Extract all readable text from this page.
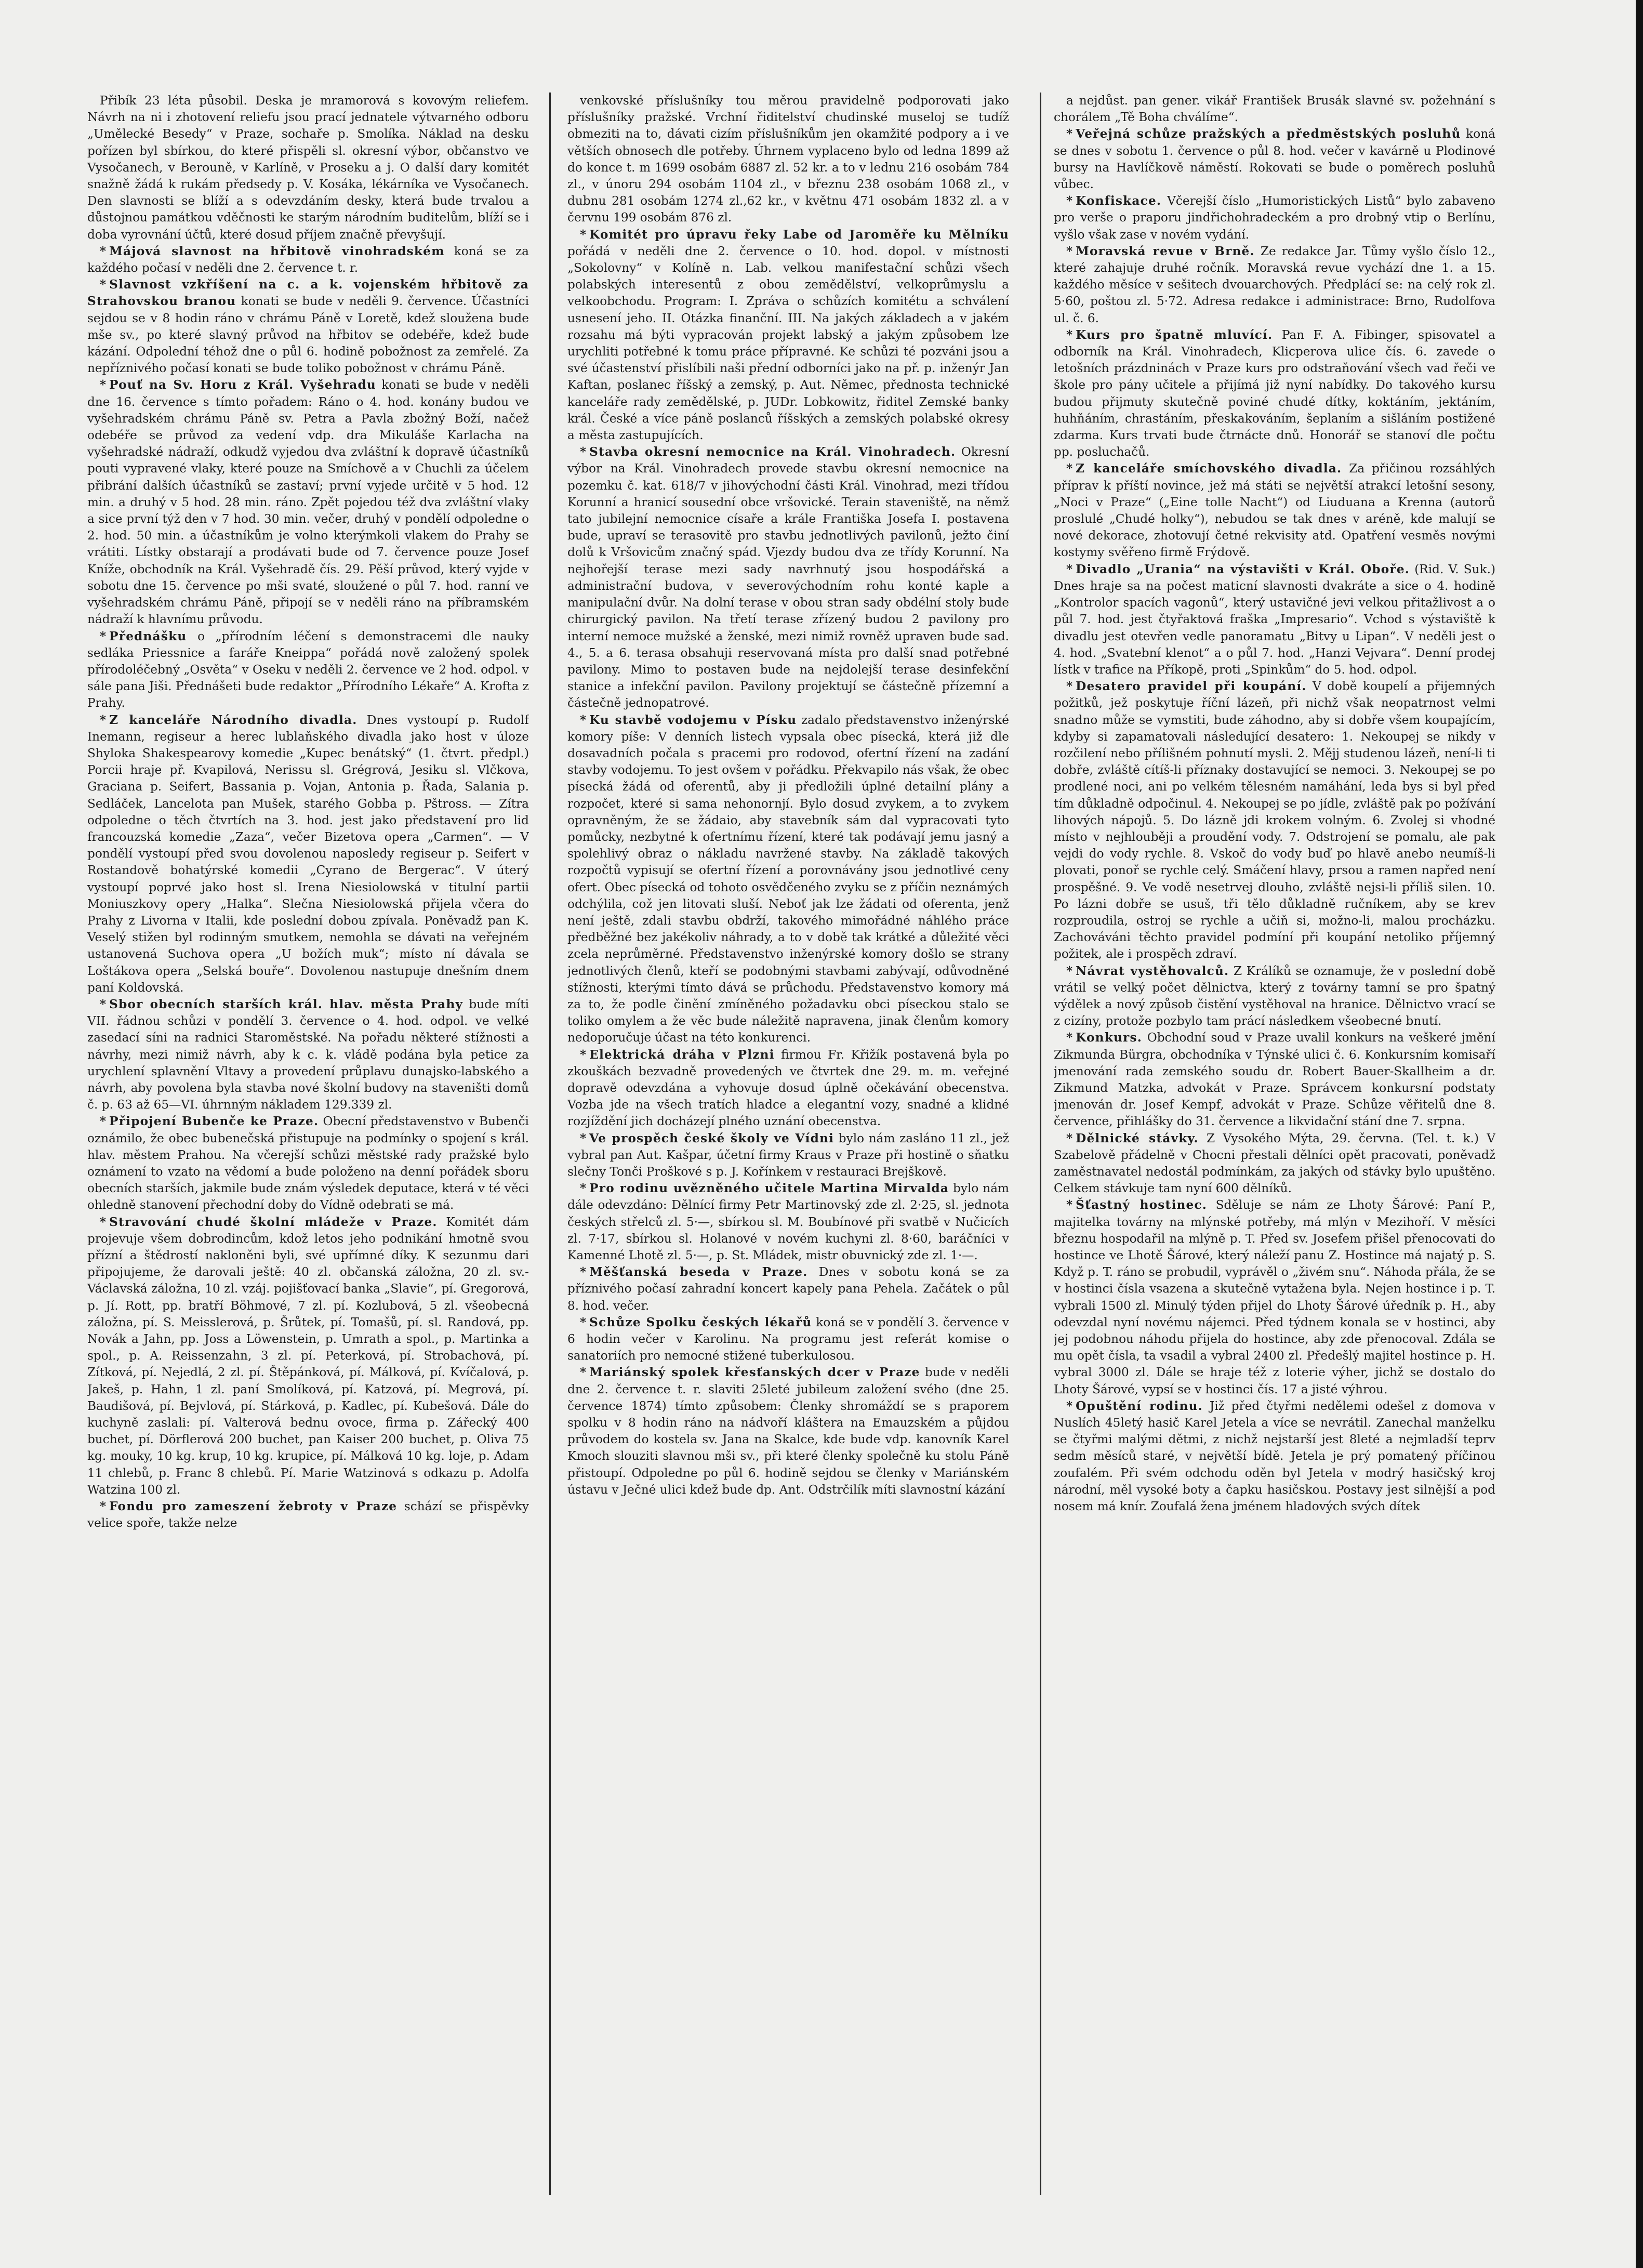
Přibík 23 léta působil. Deska je mramorová s kovovým reliefem. Návrh na ni i zhotovení reliefu jsou prací jednatele výtvarného odboru „Umělecké Besedy“ v Praze, sochaře p. Smolíka. Náklad na desku pořízen byl sbírkou, do které přispěli sl. okresní výbor, občanstvo ve Vysočanech, v Berouně, v Karlíně, v Proseku a j. O další dary komitét snažně žádá k rukám předsedy p. V. Kosáka, lékárníka ve Vysočanech. Den slavnosti se blíží a s odevzdáním desky, která bude trvalou a důstojnou památkou vděčnosti ke starým národním buditelům, blíží se i doba vyrovnání účtů, které dosud příjem značně převyšují.

* Májová slavnost na hřbitově vinohradském koná se za každého počasí v neděli dne 2. července t. r.

* Slavnost vzkříšení na c. a k. vojenském hřbitově za Strahovskou branou konati se bude v neděli 9. července. Účastníci sejdou se v 8 hodin ráno v chrámu Páně v Loretě, kdež sloužena bude mše sv., po které slavný průvod na hřbitov se odebéře, kdež bude kázání. Odpolední téhož dne o půl 6. hodině pobožnost za zemřelé. Za nepříznivého počasí konati se bude toliko pobožnost v chrámu Páně.

* Pouť na Sv. Horu z Král. Vyšehradu konati se bude v neděli dne 16. července s tímto pořadem: Ráno o 4. hod. konány budou ve vyšehradském chrámu Páně sv. Petra a Pavla zbožný Boží, načež odebéře se průvod za vedení vdp. dra Mikuláše Karlacha na vyšehradské nádraží, odkudž vyjedou dva zvláštní k dopravě účastníků pouti vypravené vlaky, které pouze na Smíchově a v Chuchli za účelem přibrání dalších účastníků se zastaví; první vyjede určitě v 5 hod. 12 min. a druhý v 5 hod. 28 min. ráno. Zpět pojedou též dva zvláštní vlaky a sice první týž den v 7 hod. 30 min. večer, druhý v pondělí odpoledne o 2. hod. 50 min. a účastníkům je volno kterýmkoli vlakem do Prahy se vrátiti. Lístky obstarají a prodávati bude od 7. července pouze Josef Kníže, obchodník na Král. Vyšehradě čís. 29. Pěší průvod, který vyjde v sobotu dne 15. července po mši svaté, sloužené o půl 7. hod. ranní ve vyšehradském chrámu Páně, připojí se v neděli ráno na příbramském nádraží k hlavnímu průvodu.

* Přednášku o „přírodním léčení s demonstracemi dle nauky sedláka Priessnice a faráře Kneippa“ pořádá nově založený spolek přírodoléčebný „Osvěta“ v Oseku v neděli 2. července ve 2 hod. odpol. v sále pana Jiši. Přednášeti bude redaktor „Přírodního Lékaře“ A. Krofta z Prahy.

* Z kanceláře Národního divadla. Dnes vystoupí p. Rudolf Inemann, regiseur a herec lublaňského divadla jako host v úloze Shyloka Shakespearovy komedie „Kupec benátský“ (1. čtvrt. předpl.) Porcii hraje př. Kvapilová, Nerissu sl. Grégrová, Jesiku sl. Vlčkova, Graciana p. Seifert, Bassania p. Vojan, Antonia p. Řada, Salania p. Sedláček, Lancelota pan Mušek, starého Gobba p. Pštross. — Zítra odpoledne o těch čtvrtích na 3. hod. jest jako představení pro lid francouzská komedie „Zaza“, večer Bizetova opera „Carmen“. — V pondělí vystoupí před svou dovolenou naposledy regiseur p. Seifert v Rostandově bohatýrské komedii „Cyrano de Bergerac“. V úterý vystoupí poprvé jako host sl. Irena Niesiolowská v titulní partii Moniuszkovy opery „Halka“. Slečna Niesiolowská přijela včera do Prahy z Livorna v Italii, kde poslední dobou zpívala. Poněvadž pan K. Veselý stižen byl rodinným smutkem, nemohla se dávati na veřejném ustanovená Suchova opera „U božích muk“; místo ní dávala se Loštákova opera „Selská bouře“. Dovolenou nastupuje dnešním dnem paní Koldovská.

* Sbor obecních starších král. hlav. města Prahy bude míti VII. řádnou schůzi v pondělí 3. července o 4. hod. odpol. ve velké zasedací síni na radnici Staroměstské. Na pořadu některé stížnosti a návrhy, mezi nimiž návrh, aby k c. k. vládě podána byla petice za urychlení splavnění Vltavy a provedení průplavu dunajsko-labského a návrh, aby povolena byla stavba nové školní budovy na staveništi domů č. p. 63 až 65—VI. úhrnným nákladem 129.339 zl.

* Připojení Bubenče ke Praze. Obecní představenstvo v Bubenči oznámilo, že obec bubenečská přistupuje na podmínky o spojení s král. hlav. městem Prahou. Na včerejší schůzi městské rady pražské bylo oznámení to vzato na vědomí a bude položeno na denní pořádek sboru obecních starších, jakmile bude znám výsledek deputace, která v té věci ohledně stanovení přechodní doby do Vídně odebrati se má.

* Stravování chudé školní mládeže v Praze. Komitét dám projevuje všem dobrodincům, kdož letos jeho podnikání hmotně svou přízní a štědrostí nakloněni byli, své upřímné díky. K sezunmu dari připojujeme, že darovali ještě: 40 zl. občanská záložna, 20 zl. sv.-Václavská záložna, 10 zl. vzáj. pojišťovací banka „Slavie“, pí. Gregorová, p. Jí. Rott, pp. bratří Böhmové, 7 zl. pí. Kozlubová, 5 zl. všeobecná záložna, pí. S. Meisslerová, p. Šrůtek, pí. Tomašů, pí. sl. Randová, pp. Novák a Jahn, pp. Joss a Löwenstein, p. Umrath a spol., p. Martinka a spol., p. A. Reissenzahn, 3 zl. pí. Peterková, pí. Strobachová, pí. Zítková, pí. Nejedlá, 2 zl. pí. Štěpánková, pí. Málková, pí. Kvíčalová, p. Jakeš, p. Hahn, 1 zl. paní Smolíková, pí. Katzová, pí. Megrová, pí. Baudišová, pí. Bejvlová, pí. Stárková, p. Kadlec, pí. Kubešová. Dále do kuchyně zaslali: pí. Valterová bednu ovoce, firma p. Zářecký 400 buchet, pí. Dörflerová 200 buchet, pan Kaiser 200 buchet, p. Oliva 75 kg. mouky, 10 kg. krup, 10 kg. krupice, pí. Málková 10 kg. loje, p. Adam 11 chlebů, p. Franc 8 chlebů. Pí. Marie Watzinová s odkazu p. Adolfa Watzina 100 zl.

* Fondu pro zameszení žebroty v Praze schází se přispěvky velice spoře, takže nelze

venkovské příslušníky tou měrou pravidelně podporovati jako příslušníky pražské. Vrchní řiditelství chudinské museloj se tudíž obmeziti na to, dávati cizím příslušníkům jen okamžité podpory a i ve větších obnosech dle potřeby. Úhrnem vyplaceno bylo od ledna 1899 až do konce t. m 1699 osobám 6887 zl. 52 kr. a to v lednu 216 osobám 784 zl., v únoru 294 osobám 1104 zl., v březnu 238 osobám 1068 zl., v dubnu 281 osobám 1274 zl.,62 kr., v květnu 471 osobám 1832 zl. a v červnu 199 osobám 876 zl.

* Komitét pro úpravu řeky Labe od Jaroměře ku Mělníku pořádá v neděli dne 2. července o 10. hod. dopol. v místnosti „Sokolovny“ v Kolíně n. Lab. velkou manifestační schůzi všech polabských interesentů z obou zemědělství, velkoprůmyslu a velkoobchodu. Program: I. Zpráva o schůzích komitétu a schválení usnesení jeho. II. Otázka finanční. III. Na jakých základech a v jakém rozsahu má býti vypracován projekt labský a jakým způsobem lze urychliti potřebné k tomu práce přípravné. Ke schůzi té pozváni jsou a své účastenství přislíbili naši přední odborníci jako na př. p. inženýr Jan Kaftan, poslanec říšský a zemský, p. Aut. Němec, přednosta technické kanceláře rady zemědělské, p. JUDr. Lobkowitz, řiditel Zemské banky král. České a více páně poslanců říšských a zemských polabské okresy a města zastupujících.

* Stavba okresní nemocnice na Král. Vinohradech. Okresní výbor na Král. Vinohradech provede stavbu okresní nemocnice na pozemku č. kat. 618/7 v jihovýchodní části Král. Vinohrad, mezi třídou Korunní a hranicí sousední obce vršovické. Terain staveniště, na němž tato jubilejní nemocnice císaře a krále Františka Josefa I. postavena bude, upraví se terasovitě pro stavbu jednotlivých pavilonů, ježto činí dolů k Vršovicům značný spád. Vjezdy budou dva ze třídy Korunní. Na nejhořejší terase mezi sady navrhnutý jsou hospodářská a administrační budova, v severovýchodním rohu konté kaple a manipulační dvůr. Na dolní terase v obou stran sady obdélní stoly bude chirurgický pavilon. Na třetí terase zřízený budou 2 pavilony pro interní nemoce mužské a ženské, mezi nimiž rovněž upraven bude sad. 4., 5. a 6. terasa obsahuji reservovaná místa pro další snad potřebné pavilony. Mimo to postaven bude na nejdolejší terase desinfekční stanice a infekční pavilon. Pavilony projektují se částečně přízemní a částečně jednopatrové.

* Ku stavbě vodojemu v Písku zadalo představenstvo inženýrské komory píše: V denních listech vypsala obec písecká, která již dle dosavadních počala s pracemi pro rodovod, ofertní řízení na zadání stavby vodojemu. To jest ovšem v pořádku. Překvapilo nás však, že obec písecká žádá od oferentů, aby ji předložili úplné detailní plány a rozpočet, které si sama nehonornjí. Bylo dosud zvykem, a to zvykem opravněným, že se žádaio, aby stavebník sám dal vypracovati tyto pomůcky, nezbytné k ofertnímu řízení, které tak podávají jemu jasný a spolehlivý obraz o nákladu navržené stavby. Na základě takových rozpočtů vypisují se ofertní řízení a porovnávány jsou jednotlivé ceny ofert. Obec písecká od tohoto osvědčeného zvyku se z příčin neznámých odchýlila, což jen litovati sluší. Neboť jak lze žádati od oferenta, jenž není ještě, zdali stavbu obdrží, takového mimořádné náhlého práce předběžné bez jakékoliv náhrady, a to v době tak krátké a důležité věci zcela neprůměrné. Představenstvo inženýrské komory došlo se strany jednotlivých členů, kteří se podobnými stavbami zabývají, odůvodněné stížnosti, kterými tímto dává se průchodu. Představenstvo komory má za to, že podle činění zmíněného požadavku obci píseckou stalo se toliko omylem a že věc bude náležitě napravena, jinak členům komory nedoporučuje účast na této konkurenci.

* Elektrická dráha v Plzni firmou Fr. Křižík postavená byla po zkouškách bezvadně provedených ve čtvrtek dne 29. m. m. veřejné dopravě odevzdána a vyhovuje dosud úplně očekávání obecenstva. Vozba jde na všech tratích hladce a elegantní vozy, snadné a klidné rozjíždění jich docházejí plného uznání obecenstva.

* Ve prospěch české školy ve Vídni bylo nám zasláno 11 zl., jež vybral pan Aut. Kašpar, účetní firmy Kraus v Praze při hostině o sňatku slečny Tonči Proškové s p. J. Kořínkem v restauraci Brejškově.

* Pro rodinu uvězněného učitele Martina Mirvalda bylo nám dále odevzdáno: Dělnící firmy Petr Martinovský zde zl. 2·25, sl. jednota českých střelců zl. 5·—, sbírkou sl. M. Boubínové při svatbě v Nučicích zl. 7·17, sbírkou sl. Holanové v novém kuchyni zl. 8·60, baráčníci v Kamenné Lhotě zl. 5·—, p. St. Mládek, mistr obuvnický zde zl. 1·—.

* Měšťanská beseda v Praze. Dnes v sobotu koná se za příznivého počasí zahradní koncert kapely pana Pehela. Začátek o půl 8. hod. večer.

* Schůze Spolku českých lékařů koná se v pondělí 3. července v 6 hodin večer v Karolinu. Na programu jest referát komise o sanatoriích pro nemocné stižené tuberkulosou.

* Mariánský spolek křesťanských dcer v Praze bude v neděli dne 2. července t. r. slaviti 25leté jubileum založení svého (dne 25. července 1874) tímto způsobem: Členky shromáždí se s praporem spolku v 8 hodin ráno na nádvoří kláštera na Emauzském a půjdou průvodem do kostela sv. Jana na Skalce, kde bude vdp. kanovník Karel Kmoch slouziti slavnou mši sv., při které členky společně ku stolu Páně přistoupí. Odpoledne po půl 6. hodině sejdou se členky v Mariánském ústavu v Ječné ulici kdež bude dp. Ant. Odstrčilík míti slavnostní kázání

a nejdůst. pan gener. vikář František Brusák slavné sv. požehnání s chorálem „Tě Boha chválíme“.

* Veřejná schůze pražských a předměstských posluhů koná se dnes v sobotu 1. července o půl 8. hod. večer v kavárně u Plodinové bursy na Havlíčkově náměstí. Rokovati se bude o poměrech posluhů vůbec.

* Konfiskace. Včerejší číslo „Humoristických Listů“ bylo zabaveno pro verše o praporu jindřichohradeckém a pro drobný vtip o Berlínu, vyšlo však zase v novém vydání.

* Moravská revue v Brně. Ze redakce Jar. Tůmy vyšlo číslo 12., které zahajuje druhé ročník. Moravská revue vychází dne 1. a 15. každého měsíce v sešitech dvouarchových. Předplácí se: na celý rok zl. 5·60, poštou zl. 5·72. Adresa redakce i administrace: Brno, Rudolfova ul. č. 6.

* Kurs pro špatně mluvící. Pan F. A. Fibinger, spisovatel a odborník na Král. Vinohradech, Klicperova ulice čís. 6. zavede o letošních prázdninách v Praze kurs pro odstraňování všech vad řeči ve škole pro pány učitele a přijímá již nyní nabídky. Do takového kursu budou přijmuty skutečně poviné chudé dítky, koktáním, jektáním, huhňáním, chrastáním, přeskakováním, šeplaním a sišláním postižené zdarma. Kurs trvati bude čtrnácte dnů. Honorář se stanoví dle počtu pp. posluchačů.

* Z kanceláře smíchovského divadla. Za přičinou rozsáhlých příprav k příští novince, jež má státi se největší atrakcí letošní sesony, „Noci v Praze“ („Eine tolle Nacht“) od Liuduana a Krenna (autorů proslulé „Chudé holky“), nebudou se tak dnes v aréně, kde malují se nové dekorace, zhotovují četné rekvisity atd. Opatření vesměs novými kostymy svěřeno firmě Frýdově.

* Divadlo „Urania“ na výstavišti v Král. Oboře. (Rid. V. Suk.) Dnes hraje sa na počest maticní slavnosti dvakráte a sice o 4. hodině „Kontrolor spacích vagonů“, který ustavičné jevi velkou přitažlivost a o půl 7. hod. jest čtyřaktová fraška „Impresario“. Vchod s výstaviště k divadlu jest otevřen vedle panoramatu „Bitvy u Lipan“. V neděli jest o 4. hod. „Svatební klenot“ a o půl 7. hod. „Hanzi Vejvara“. Denní prodej lístk v trafice na Příkopě, proti „Spinkům“ do 5. hod. odpol.

* Desatero pravidel při koupání. V době koupelí a přijemných požitků, jež poskytuje říční lázeň, při nichž však neopatrnost velmi snadno může se vymstiti, bude záhodno, aby si dobře všem koupajícím, kdyby si zapamatovali následující desatero: 1. Nekoupej se nikdy v rozčilení nebo přílišném pohnutí mysli. 2. Mějj studenou lázeň, není-li ti dobře, zvláště cítíš-li příznaky dostavující se nemoci. 3. Nekoupej se po prodlené noci, ani po velkém tělesném namáhání, leda bys si byl před tím důkladně odpočinul. 4. Nekoupej se po jídle, zvláště pak po požívání lihových nápojů. 5. Do lázně jdi krokem volným. 6. Zvolej si vhodné místo v nejhlouběji a proudění vody. 7. Odstrojení se pomalu, ale pak vejdi do vody rychle. 8. Vskoč do vody buď po hlavě anebo neumíš-li plovati, ponoř se rychle celý. Smáčení hlavy, prsou a ramen napřed není prospěšné. 9. Ve vodě nesetrvej dlouho, zvláště nejsi-li příliš silen. 10. Po lázni dobře se usuš, tři tělo důkladně ručníkem, aby se krev rozproudila, ostroj se rychle a učiň si, možno-li, malou procházku. Zachováváni těchto pravidel podmíní při koupání netoliko příjemný požitek, ale i prospěch zdraví.

* Návrat vystěhovalců. Z Králíků se oznamuje, že v poslední době vrátil se velký počet dělnictva, který z továrny tamní se pro špatný výdělek a nový způsob čistění vystěhoval na hranice. Dělnictvo vrací se z cizíny, protože pozbylo tam prácí následkem všeobecné bnutí.

* Konkurs. Obchodní soud v Praze uvalil konkurs na veškeré jmění Zikmunda Bürgra, obchodníka v Týnské ulici č. 6. Konkursním komisaří jmenování rada zemského soudu dr. Robert Bauer-Skallheim a dr. Zikmund Matzka, advokát v Praze. Správcem konkursní podstaty jmenován dr. Josef Kempf, advokát v Praze. Schůze věřitelů dne 8. července, přihlášky do 31. července a likvidační stání dne 7. srpna.

* Dělnické stávky. Z Vysokého Mýta, 29. června. (Tel. t. k.) V Szabelově přádelně v Chocni přestali dělníci opět pracovati, poněvadž zaměstnavatel nedostál podmínkám, za jakých od stávky bylo upuštěno. Celkem stávkuje tam nyní 600 dělníků.

* Šťastný hostinec. Sděluje se nám ze Lhoty Šárové: Paní P., majitelka továrny na mlýnské potřeby, má mlýn v Mezihoří. V měsíci březnu hospodařil na mlýně p. T. Před sv. Josefem přišel přenocovati do hostince ve Lhotě Šárové, který náleží panu Z. Hostince má najatý p. S. Když p. T. ráno se probudil, vyprávěl o „živém snu“. Náhoda přála, že se v hostinci čísla vsazena a skutečně vytažena byla. Nejen hostince i p. T. vybrali 1500 zl. Minulý týden přijel do Lhoty Šárové úředník p. H., aby odevzdal nyní novému nájemci. Před týdnem konala se v hostinci, aby jej podobnou náhodu přijela do hostince, aby zde přenocoval. Zdála se mu opět čísla, ta vsadil a vybral 2400 zl. Předešlý majitel hostince p. H. vybral 3000 zl. Dále se hraje též z loterie výher, jichž se dostalo do Lhoty Šárové, vypsí se v hostinci čís. 17 a jisté výhrou.

* Opuštění rodinu. Již před čtyřmi nedělemi odešel z domova v Nuslích 45letý hasič Karel Jetela a více se nevrátil. Zanechal manželku se čtyřmi malými dětmi, z nichž nejstarší jest 8leté a nejmladší teprv sedm měsíců staré, v největší bídě. Jetela je prý pomatený příčinou zoufalém. Při svém odchodu oděn byl Jetela v modrý hasičský kroj národní, měl vysoké boty a čapku hasičskou. Postavy jest silnější a pod nosem má knír. Zoufalá žena jménem hladových svých dítek
